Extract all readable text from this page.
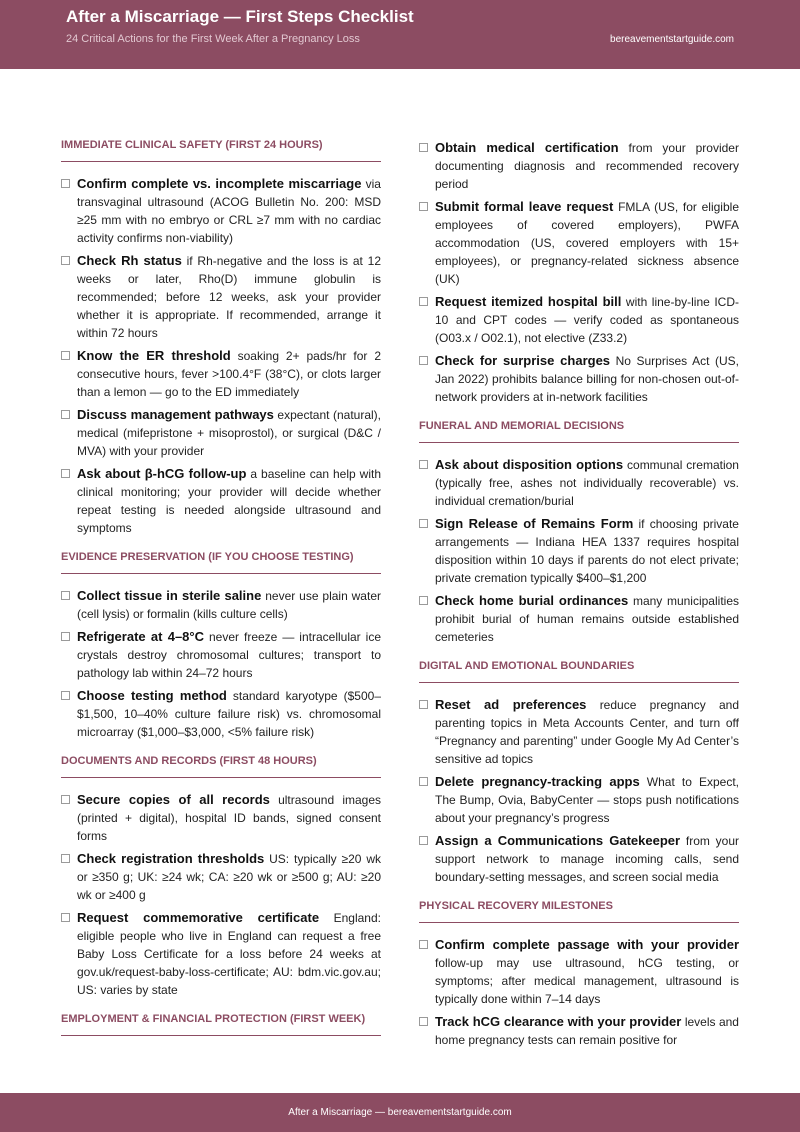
After a Miscarriage — First Steps Checklist
24 Critical Actions for the First Week After a Pregnancy Loss	bereavementstartguide.com
IMMEDIATE CLINICAL SAFETY (FIRST 24 HOURS)
Confirm complete vs. incomplete miscarriage via transvaginal ultrasound (ACOG Bulletin No. 200: MSD ≥25 mm with no embryo or CRL ≥7 mm with no cardiac activity confirms non-viability)
Check Rh status if Rh-negative and the loss is at 12 weeks or later, Rho(D) immune globulin is recommended; before 12 weeks, ask your provider whether it is appropriate. If recommended, arrange it within 72 hours
Know the ER threshold soaking 2+ pads/hr for 2 consecutive hours, fever >100.4°F (38°C), or clots larger than a lemon — go to the ED immediately
Discuss management pathways expectant (natural), medical (mifepristone + misoprostol), or surgical (D&C / MVA) with your provider
Ask about β-hCG follow-up a baseline can help with clinical monitoring; your provider will decide whether repeat testing is needed alongside ultrasound and symptoms
EVIDENCE PRESERVATION (IF YOU CHOOSE TESTING)
Collect tissue in sterile saline never use plain water (cell lysis) or formalin (kills culture cells)
Refrigerate at 4–8°C never freeze — intracellular ice crystals destroy chromosomal cultures; transport to pathology lab within 24–72 hours
Choose testing method standard karyotype ($500–$1,500, 10–40% culture failure risk) vs. chromosomal microarray ($1,000–$3,000, <5% failure risk)
DOCUMENTS AND RECORDS (FIRST 48 HOURS)
Secure copies of all records ultrasound images (printed + digital), hospital ID bands, signed consent forms
Check registration thresholds US: typically ≥20 wk or ≥350 g; UK: ≥24 wk; CA: ≥20 wk or ≥500 g; AU: ≥20 wk or ≥400 g
Request commemorative certificate England: eligible people who live in England can request a free Baby Loss Certificate for a loss before 24 weeks at gov.uk/request-baby-loss-certificate; AU: bdm.vic.gov.au; US: varies by state
EMPLOYMENT & FINANCIAL PROTECTION (FIRST WEEK)
Obtain medical certification from your provider documenting diagnosis and recommended recovery period
Submit formal leave request FMLA (US, for eligible employees of covered employers), PWFA accommodation (US, covered employers with 15+ employees), or pregnancy-related sickness absence (UK)
Request itemized hospital bill with line-by-line ICD-10 and CPT codes — verify coded as spontaneous (O03.x / O02.1), not elective (Z33.2)
Check for surprise charges No Surprises Act (US, Jan 2022) prohibits balance billing for non-chosen out-of-network providers at in-network facilities
FUNERAL AND MEMORIAL DECISIONS
Ask about disposition options communal cremation (typically free, ashes not individually recoverable) vs. individual cremation/burial
Sign Release of Remains Form if choosing private arrangements — Indiana HEA 1337 requires hospital disposition within 10 days if parents do not elect private; private cremation typically $400–$1,200
Check home burial ordinances many municipalities prohibit burial of human remains outside established cemeteries
DIGITAL AND EMOTIONAL BOUNDARIES
Reset ad preferences reduce pregnancy and parenting topics in Meta Accounts Center, and turn off “Pregnancy and parenting” under Google My Ad Center’s sensitive ad topics
Delete pregnancy-tracking apps What to Expect, The Bump, Ovia, BabyCenter — stops push notifications about your pregnancy’s progress
Assign a Communications Gatekeeper from your support network to manage incoming calls, send boundary-setting messages, and screen social media
PHYSICAL RECOVERY MILESTONES
Confirm complete passage with your provider follow-up may use ultrasound, hCG testing, or symptoms; after medical management, ultrasound is typically done within 7–14 days
Track hCG clearance with your provider levels and home pregnancy tests can remain positive for
After a Miscarriage — bereavementstartguide.com
